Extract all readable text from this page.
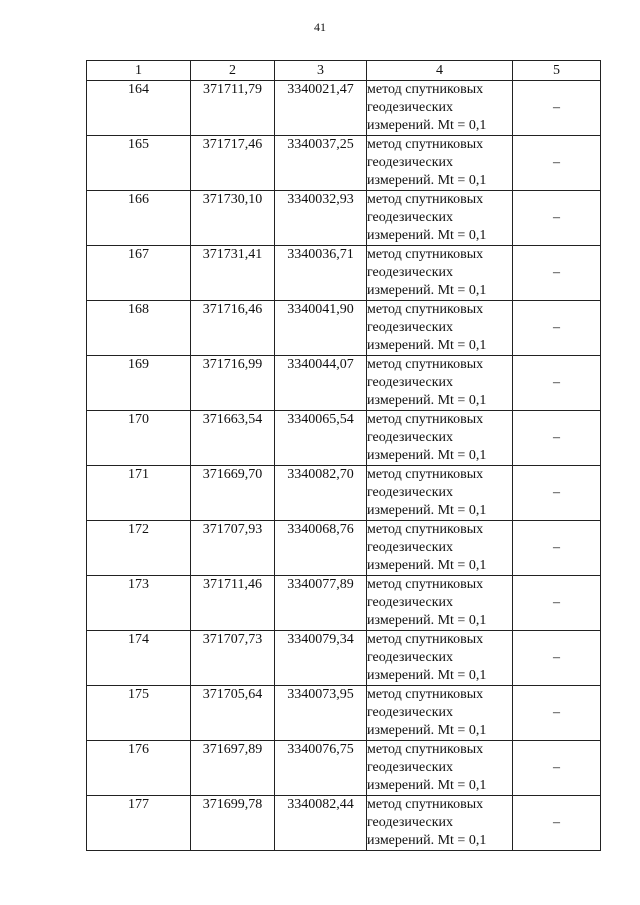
41
1	2	3	4	5
164	371711,79	3340021,47	метод спутниковых
геодезических
измерений. Mt = 0,1	–
165	371717,46	3340037,25	метод спутниковых
геодезических
измерений. Mt = 0,1	–
166	371730,10	3340032,93	метод спутниковых
геодезических
измерений. Mt = 0,1	–
167	371731,41	3340036,71	метод спутниковых
геодезических
измерений. Mt = 0,1	–
168	371716,46	3340041,90	метод спутниковых
геодезических
измерений. Mt = 0,1	–
169	371716,99	3340044,07	метод спутниковых
геодезических
измерений. Mt = 0,1	–
170	371663,54	3340065,54	метод спутниковых
геодезических
измерений. Mt = 0,1	–
171	371669,70	3340082,70	метод спутниковых
геодезических
измерений. Mt = 0,1	–
172	371707,93	3340068,76	метод спутниковых
геодезических
измерений. Mt = 0,1	–
173	371711,46	3340077,89	метод спутниковых
геодезических
измерений. Mt = 0,1	–
174	371707,73	3340079,34	метод спутниковых
геодезических
измерений. Mt = 0,1	–
175	371705,64	3340073,95	метод спутниковых
геодезических
измерений. Mt = 0,1	–
176	371697,89	3340076,75	метод спутниковых
геодезических
измерений. Mt = 0,1	–
177	371699,78	3340082,44	метод спутниковых
геодезических
измерений. Mt = 0,1	–
